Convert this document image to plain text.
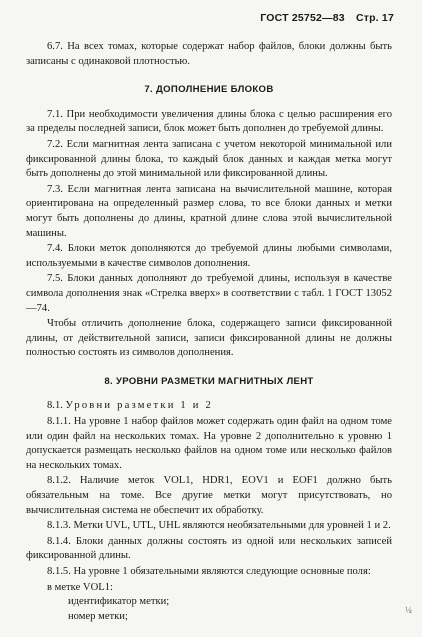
ГОСТ 25752—83 Стр. 17

6.7. На всех томах, которые содержат набор файлов, блоки должны быть записаны с одинаковой плотностью.

7. ДОПОЛНЕНИЕ БЛОКОВ

7.1. При необходимости увеличения длины блока с целью расширения его за пределы последней записи, блок может быть дополнен до требуемой длины.

7.2. Если магнитная лента записана с учетом некоторой минимальной или фиксированной длины блока, то каждый блок данных и каждая метка могут быть дополнены до этой минимальной или фиксированной длины.

7.3. Если магнитная лента записана на вычислительной машине, которая ориентирована на определенный размер слова, то все блоки данных и метки могут быть дополнены до длины, кратной длине слова этой вычислительной машины.

7.4. Блоки меток дополняются до требуемой длины любыми символами, используемыми в качестве символов дополнения.

7.5. Блоки данных дополняют до требуемой длины, используя в качестве символа дополнения знак «Стрелка вверх» в соответствии с табл. 1 ГОСТ 13052—74.

Чтобы отличить дополнение блока, содержащего записи фиксированной длины, от действительной записи, записи фиксированной длины не должны полностью состоять из символов дополнения.

8. УРОВНИ РАЗМЕТКИ МАГНИТНЫХ ЛЕНТ

8.1. Уровни разметки 1 и 2

8.1.1. На уровне 1 набор файлов может содержать один файл на одном томе или один файл на нескольких томах. На уровне 2 дополнительно к уровню 1 допускается размещать несколько файлов на одном томе или несколько файлов на нескольких томах.

8.1.2. Наличие меток VOL1, HDR1, EOV1 и EOF1 должно быть обязательным на томе. Все другие метки могут присутствовать, но вычислительная система не обеспечит их обработку.

8.1.3. Метки UVL, UTL, UHL являются необязательными для уровней 1 и 2.

8.1.4. Блоки данных должны состоять из одной или нескольких записей фиксированной длины.

8.1.5. На уровне 1 обязательными являются следующие основные поля:

в метке VOL1:
идентификатор метки;
номер метки;
¼
